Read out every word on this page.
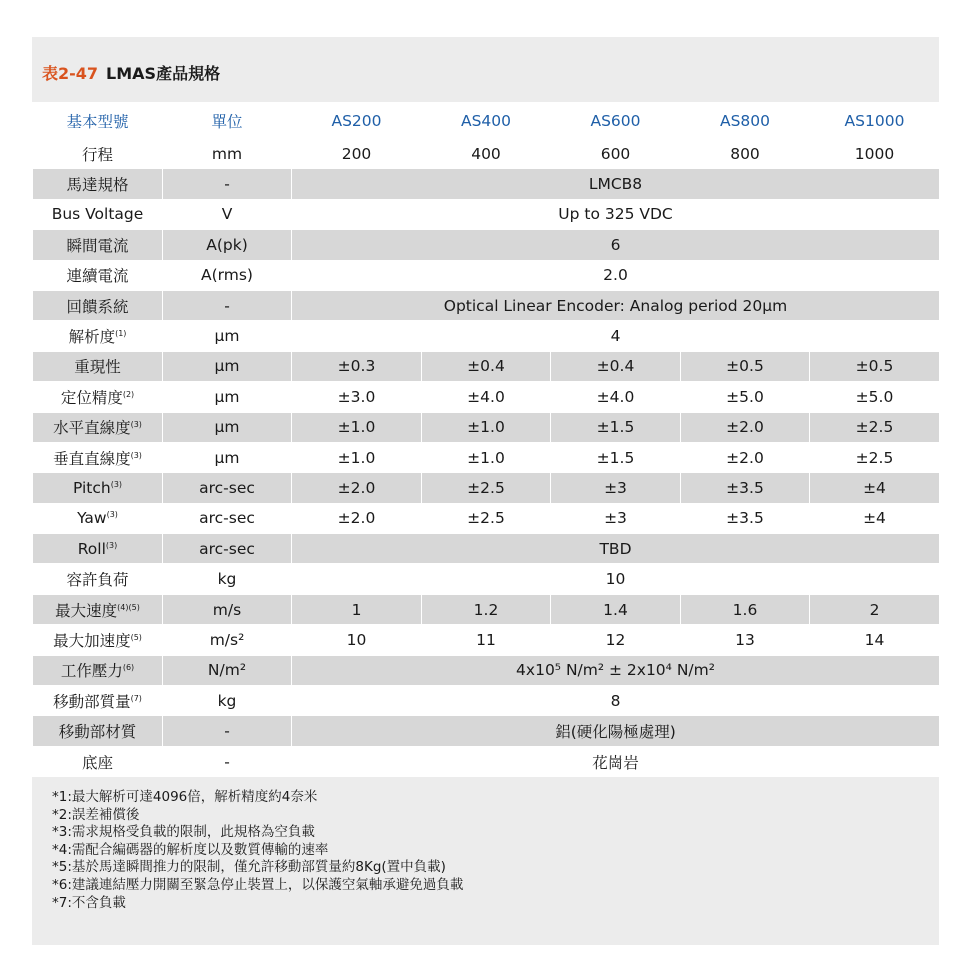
表2-47 LMAS產品規格
基本型號	單位	AS200	AS400	AS600	AS800	AS1000
行程	mm	200	400	600	800	1000
馬達規格	-	LMCB8				
Bus Voltage	V	Up to 325 VDC				
瞬間電流	A(pk)	6				
連續電流	A(rms)	2.0				
回饋系統	-	Optical Linear Encoder: Analog period 20μm				
解析度$^{(1)}$	μm	4				
重現性	μm	±0.3	±0.4	±0.4	±0.5	±0.5
定位精度$^{(2)}$	μm	±3.0	±4.0	±4.0	±5.0	±5.0
水平直線度$^{(3)}$	μm	±1.0	±1.0	±1.5	±2.0	±2.5
垂直直線度$^{(3)}$	μm	±1.0	±1.0	±1.5	±2.0	±2.5
Pitch$^{(3)}$	arc-sec	±2.0	±2.5	±3	±3.5	±4
Yaw$^{(3)}$	arc-sec	±2.0	±2.5	±3	±3.5	±4
Roll$^{(3)}$	arc-sec	TBD				
容許負荷	kg	10				
最大速度$^{(4)(5)}$	m/s	1	1.2	1.4	1.6	2
最大加速度$^{(5)}$	m/s²	10	11	12	13	14
工作壓力$^{(6)}$	N/m²	4x10⁵ N/m² ± 2x10⁴ N/m²				
移動部質量$^{(7)}$	kg	8				
移動部材質	-	鋁(硬化陽極處理)				
底座	-	花崗岩				
*1:最大解析可達4096倍，解析精度約4奈米
*2:誤差補償後
*3:需求規格受負載的限制，此規格為空負載
*4:需配合編碼器的解析度以及數質傳輸的速率
*5:基於馬達瞬間推力的限制，僅允許移動部質量約8Kg(置中負載)
*6:建議連結壓力開關至緊急停止裝置上，以保護空氣軸承避免過負載
*7:不含負載
